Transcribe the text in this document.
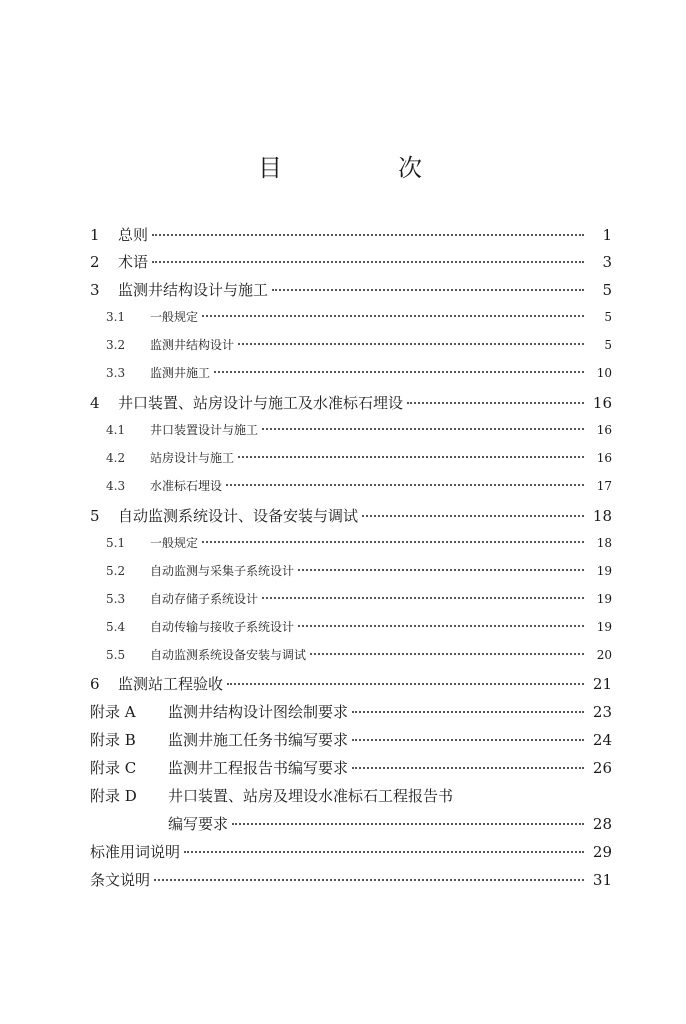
目　次
1	总则	1
2	术语	3
3	监测井结构设计与施工	5
3.1	一般规定	5
3.2	监测井结构设计	5
3.3	监测井施工	10
4	井口装置、站房设计与施工及水准标石埋设	16
4.1	井口装置设计与施工	16
4.2	站房设计与施工	16
4.3	水准标石埋设	17
5	自动监测系统设计、设备安装与调试	18
5.1	一般规定	18
5.2	自动监测与采集子系统设计	19
5.3	自动存储子系统设计	19
5.4	自动传输与接收子系统设计	19
5.5	自动监测系统设备安装与调试	20
6	监测站工程验收	21
附录 A	监测井结构设计图绘制要求	23
附录 B	监测井施工任务书编写要求	24
附录 C	监测井工程报告书编写要求	26
附录 D	井口装置、站房及埋设水准标石工程报告书
编写要求	28
标准用词说明	29
条文说明	31
